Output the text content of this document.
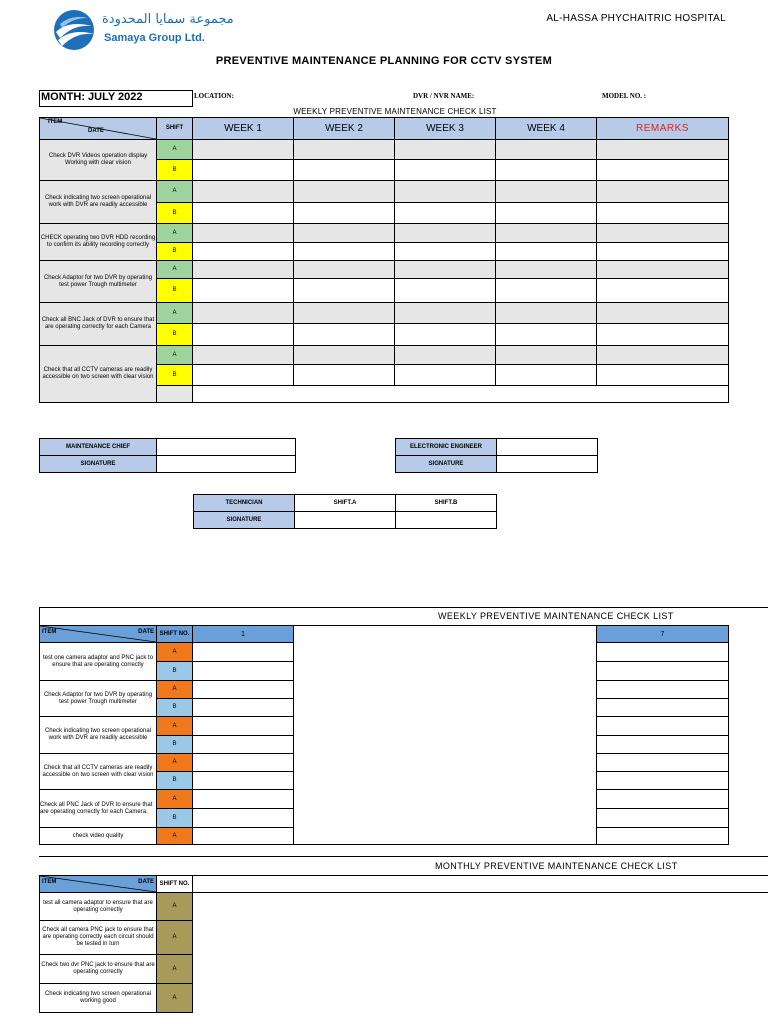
مجموعة سمايا المحدودة
Samaya Group Ltd.
AL-HASSA PHYCHAITRIC HOSPITAL
PREVENTIVE MAINTENANCE PLANNING FOR CCTV SYSTEM
MONTH: JULY 2022	LOCATION:	DVR / NVR NAME:	MODEL NO. :
WEEKLY PREVENTIVE MAINTENANCE CHECK LIST
ITEM
DATE	SHIFT	WEEK 1	WEEK 2	WEEK 3	WEEK 4	REMARKS
Check DVR Videos operation display Working with clear vision	A					
	B					
Check indicating two screen operational work with DVR are readily accessible	A					
	B					
CHECK operating two DVR HDD recording to confirm its ability recording correctly	A					
	B					
Check Adaptor for two DVR by operating test power Trough multimeter	A					
	B					
Check all BNC Jack of DVR to ensure that are operating correctly for each Camera	A					
	B					
Check that all CCTV cameras are readily accessible on two screen with clear vision	A					
	B					

MAINTENANCE CHIEF	
SIGNATURE	
ELECTRONIC ENGINEER	
SIGNATURE	
TECHNICIAN	SHIFT.A	SHIFT.B
SIGNATURE		
WEEKLY PREVENTIVE MAINTENANCE CHECK LIST
ITEM DATE	SHIFT NO.	1		7
test one camera adaptor and PNC jack to ensure that are operating correctly	A			
	B			
Check Adaptor for two DVR by operating test power Trough multimeter	A			
	B			
Check indicating two screen operational work with DVR are readily accessible	A			
	B			
Check that all CCTV cameras are readily accessible on two screen with clear vision	A			
	B			
Check all PNC Jack of DVR to ensure that are operating correctly for each Camera.	A			
	B			
check video quality	A			
MONTHLY PREVENTIVE MAINTENANCE CHECK LIST
ITEM DATE	SHIFT NO.	
test all camera adaptor to ensure that are operating correctly	A	
Check all camera PNC jack to ensure that are operating correctly each circuit should be tested in turn	A	
Check two dvr PNC jack to ensure that are operating correctly	A	
Check indicating two screen operational working good	A	
